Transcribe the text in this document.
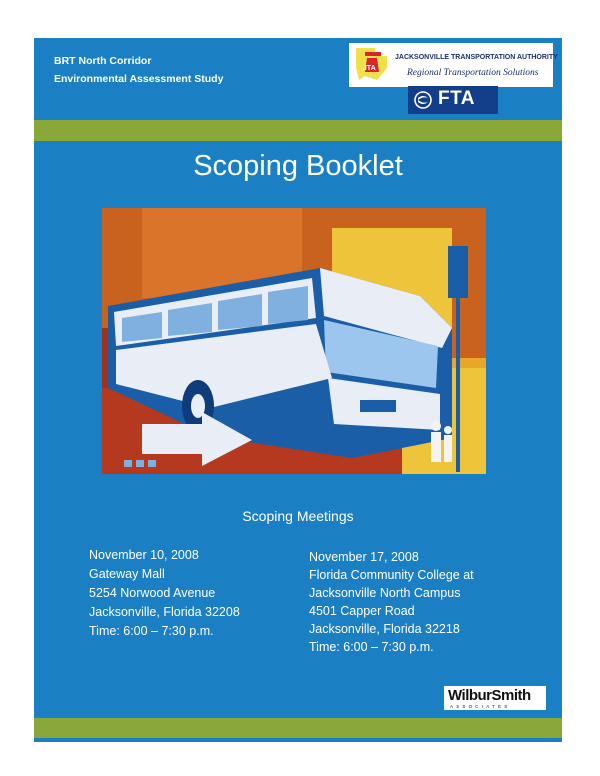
BRT North Corridor
Environmental Assessment Study
JTA
JACKSONVILLE TRANSPORTATION AUTHORITY
Regional Transportation Solutions
FTA
Scoping Booklet
Scoping Meetings
November 10, 2008
Gateway Mall
5254 Norwood Avenue
Jacksonville, Florida 32208
Time: 6:00 – 7:30 p.m.
November 17, 2008
Florida Community College at
Jacksonville North Campus
4501 Capper Road
Jacksonville, Florida 32218
Time: 6:00 – 7:30 p.m.
WilburSmith
ASSOCIATES
